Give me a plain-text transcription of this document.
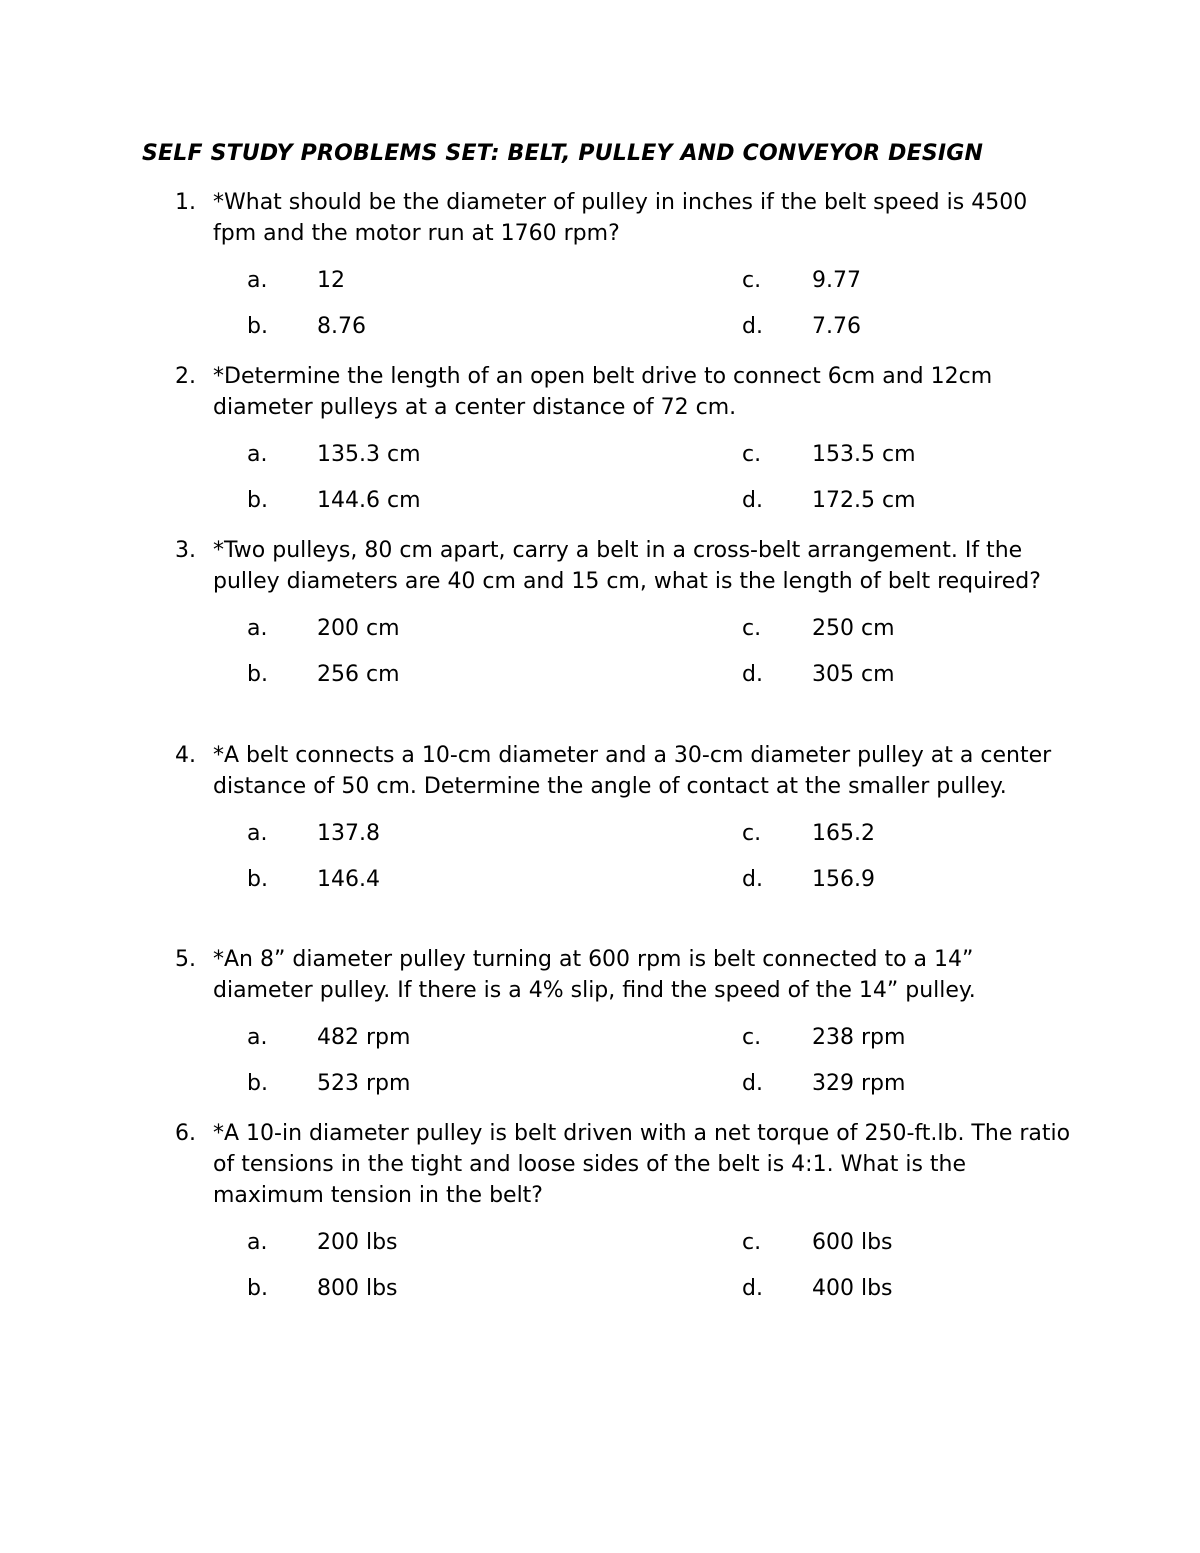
SELF STUDY PROBLEMS SET: BELT, PULLEY AND CONVEYOR DESIGN
1. *What should be the diameter of pulley in inches if the belt speed is 4500 fpm and the motor run at 1760 rpm?
a. 12
b. 8.76
c. 9.77
d. 7.76
2. *Determine the length of an open belt drive to connect 6cm and 12cm diameter pulleys at a center distance of 72 cm.
a. 135.3 cm
b. 144.6 cm
c. 153.5 cm
d. 172.5 cm
3. *Two pulleys, 80 cm apart, carry a belt in a cross-belt arrangement. If the pulley diameters are 40 cm and 15 cm, what is the length of belt required?
a. 200 cm
b. 256 cm
c. 250 cm
d. 305 cm
4. *A belt connects a 10-cm diameter and a 30-cm diameter pulley at a center distance of 50 cm. Determine the angle of contact at the smaller pulley.
a. 137.8
b. 146.4
c. 165.2
d. 156.9
5. *An 8” diameter pulley turning at 600 rpm is belt connected to a 14” diameter pulley. If there is a 4% slip, find the speed of the 14” pulley.
a. 482 rpm
b. 523 rpm
c. 238 rpm
d. 329 rpm
6. *A 10-in diameter pulley is belt driven with a net torque of 250-ft.lb. The ratio of tensions in the tight and loose sides of the belt is 4:1. What is the maximum tension in the belt?
a. 200 lbs
b. 800 lbs
c. 600 lbs
d. 400 lbs
